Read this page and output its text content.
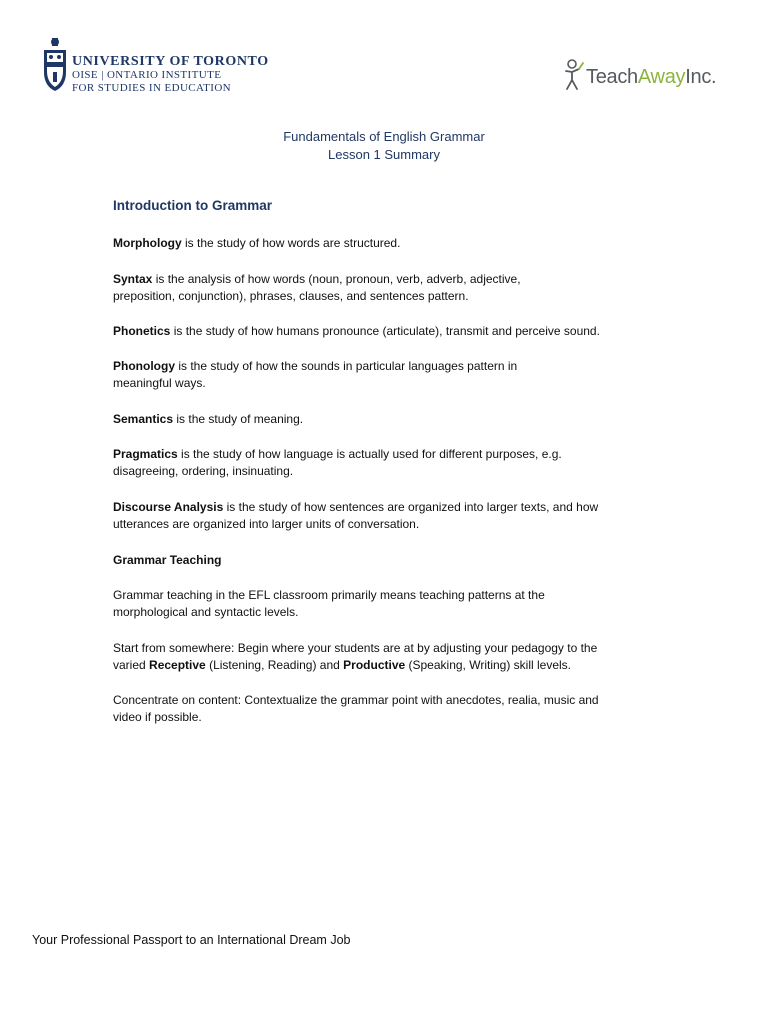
UNIVERSITY OF TORONTO
OISE | ONTARIO INSTITUTE
FOR STUDIES IN EDUCATION	TeachAwayInc.
Fundamentals of English Grammar
Lesson 1 Summary
Introduction to Grammar
Morphology is the study of how words are structured.
Syntax is the analysis of how words (noun, pronoun, verb, adverb, adjective, preposition, conjunction), phrases, clauses, and sentences pattern.
Phonetics is the study of how humans pronounce (articulate), transmit and perceive sound.
Phonology is the study of how the sounds in particular languages pattern in meaningful ways.
Semantics is the study of meaning.
Pragmatics is the study of how language is actually used for different purposes, e.g. disagreeing, ordering, insinuating.
Discourse Analysis is the study of how sentences are organized into larger texts, and how utterances are organized into larger units of conversation.
Grammar Teaching
Grammar teaching in the EFL classroom primarily means teaching patterns at the morphological and syntactic levels.
Start from somewhere: Begin where your students are at by adjusting your pedagogy to the varied Receptive (Listening, Reading) and Productive (Speaking, Writing) skill levels.
Concentrate on content: Contextualize the grammar point with anecdotes, realia, music and video if possible.
Your Professional Passport to an International Dream Job
